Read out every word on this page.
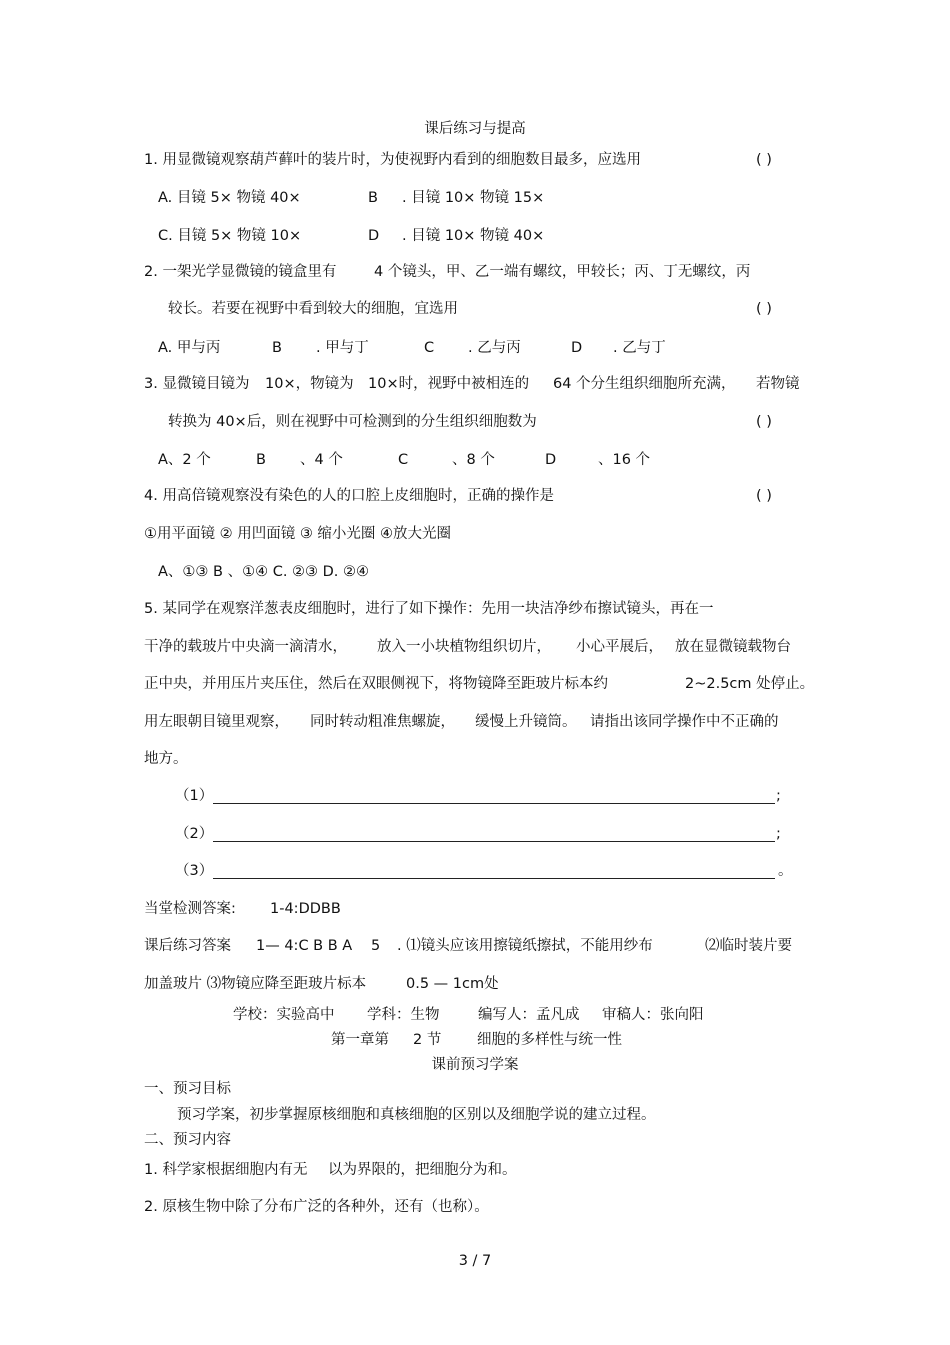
课后练习与提高
1. 用显微镜观察葫芦藓叶的装片时，为使视野内看到的细胞数目最多，应选用	( )
A. 目镜 5× 物镜 40×	B . 目镜 10× 物镜 15×
C. 目镜 5× 物镜 10×	D . 目镜 10× 物镜 40×
2. 一架光学显微镜的镜盒里有	4 个镜头，甲、乙一端有螺纹，甲较长；丙、丁无螺纹，丙
较长。若要在视野中看到较大的细胞，宜选用	( )
A. 甲与丙	B . 甲与丁	C . 乙与丙	D . 乙与丁
3. 显微镜目镜为 10×，物镜为 10×时，视野中被相连的 64 个分生组织细胞所充满， 若物镜
转换为 40×后，则在视野中可检测到的分生组织细胞数为	( )
A、2 个	B 、4 个	C	、8 个	D	、16 个
4. 用高倍镜观察没有染色的人的口腔上皮细胞时，正确的操作是	( )
①用平面镜 ② 用凹面镜 ③ 缩小光圈 ④放大光圈
A、①③ B 、①④ C. ②③ D. ②④
5. 某同学在观察洋葱表皮细胞时，进行了如下操作：先用一块洁净纱布擦试镜头，再在一
干净的载玻片中央滴一滴清水， 放入一小块植物组织切片， 小心平展后， 放在显微镜载物台
正中央，并用压片夹压住，然后在双眼侧视下，将物镜降至距玻片标本约	2~2.5cm 处停止。
用左眼朝目镜里观察， 同时转动粗准焦螺旋， 缓慢上升镜筒。 请指出该同学操作中不正确的
地方。
（1）	;
（2）	;
（3）	。
当堂检测答案: 1-4:DDBB
课后练习答案 1— 4:C B B A 5 . ⑴镜头应该用擦镜纸擦拭，不能用纱布	⑵临时装片要
加盖玻片 ⑶物镜应降至距玻片标本	0.5 — 1cm处
学校：实验高中 学科：生物	编写人：孟凡成 审稿人：张向阳
第一章第 2 节 细胞的多样性与统一性
课前预习学案
一、预习目标
预习学案，初步掌握原核细胞和真核细胞的区别以及细胞学说的建立过程。
二、预习内容
1. 科学家根据细胞内有无 以为界限的，把细胞分为和。
2. 原核生物中除了分布广泛的各种外，还有（也称）。
3 / 7
